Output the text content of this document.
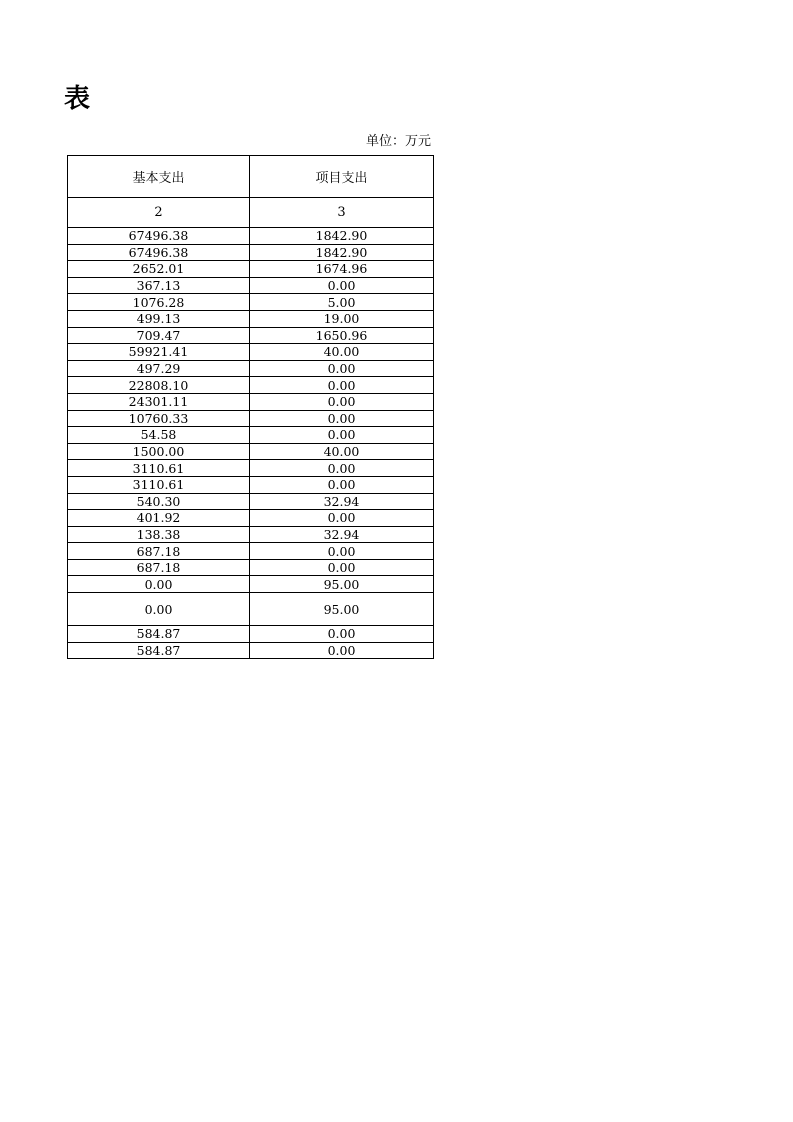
表
单位：万元
基本支出	项目支出
2	3
67496.38	1842.90
67496.38	1842.90
2652.01	1674.96
367.13	0.00
1076.28	5.00
499.13	19.00
709.47	1650.96
59921.41	40.00
497.29	0.00
22808.10	0.00
24301.11	0.00
10760.33	0.00
54.58	0.00
1500.00	40.00
3110.61	0.00
3110.61	0.00
540.30	32.94
401.92	0.00
138.38	32.94
687.18	0.00
687.18	0.00
0.00	95.00
0.00	95.00
584.87	0.00
584.87	0.00
